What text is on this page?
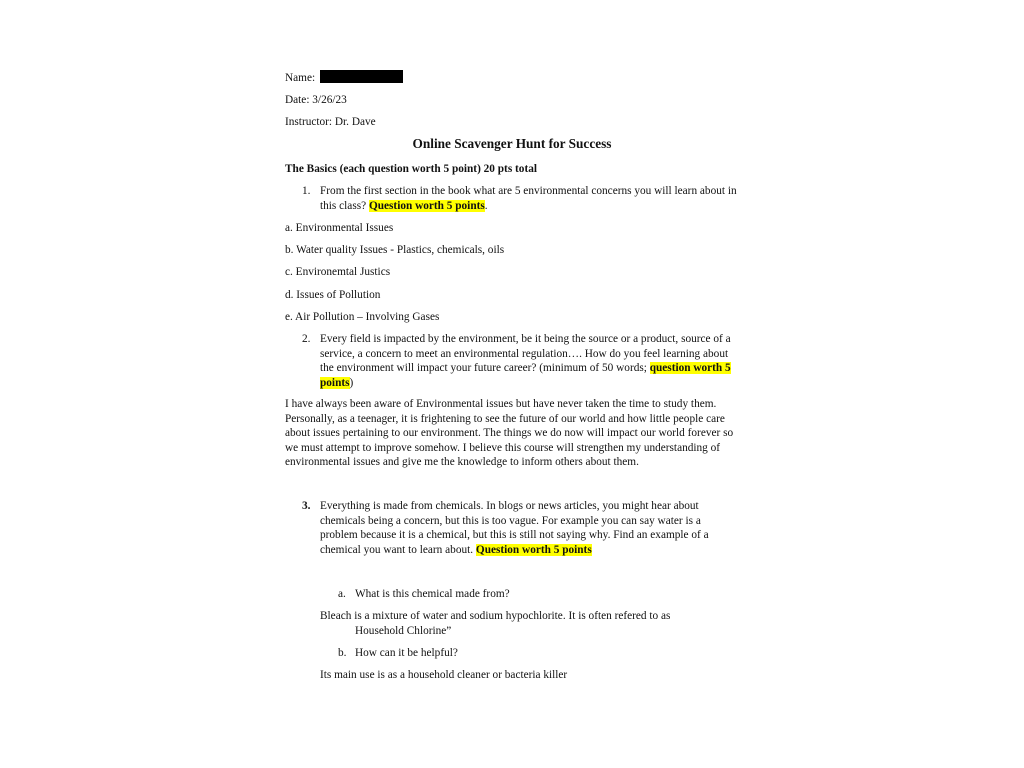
Name:
Date: 3/26/23
Instructor: Dr. Dave
Online Scavenger Hunt for Success
The Basics (each question worth 5 point) 20 pts total
1. From the first section in the book what are 5 environmental concerns you will learn about in this class? Question worth 5 points.
a. Environmental Issues
b. Water quality Issues - Plastics, chemicals, oils
c. Environemtal Justics
d. Issues of Pollution
e. Air Pollution – Involving Gases
2. Every field is impacted by the environment, be it being the source or a product, source of a service, a concern to meet an environmental regulation…. How do you feel learning about the environment will impact your future career? (minimum of 50 words; question worth 5 points)
I have always been aware of Environmental issues but have never taken the time to study them. Personally, as a teenager, it is frightening to see the future of our world and how little people care about issues pertaining to our environment. The things we do now will impact our world forever so we must attempt to improve somehow. I believe this course will strengthen my understanding of environmental issues and give me the knowledge to inform others about them.
3. Everything is made from chemicals. In blogs or news articles, you might hear about chemicals being a concern, but this is too vague. For example you can say water is a problem because it is a chemical, but this is still not saying why. Find an example of a chemical you want to learn about. Question worth 5 points
a. What is this chemical made from?
Bleach is a mixture of water and sodium hypochlorite. It is often refered to as
Household Chlorine”
b. How can it be helpful?
Its main use is as a household cleaner or bacteria killer
